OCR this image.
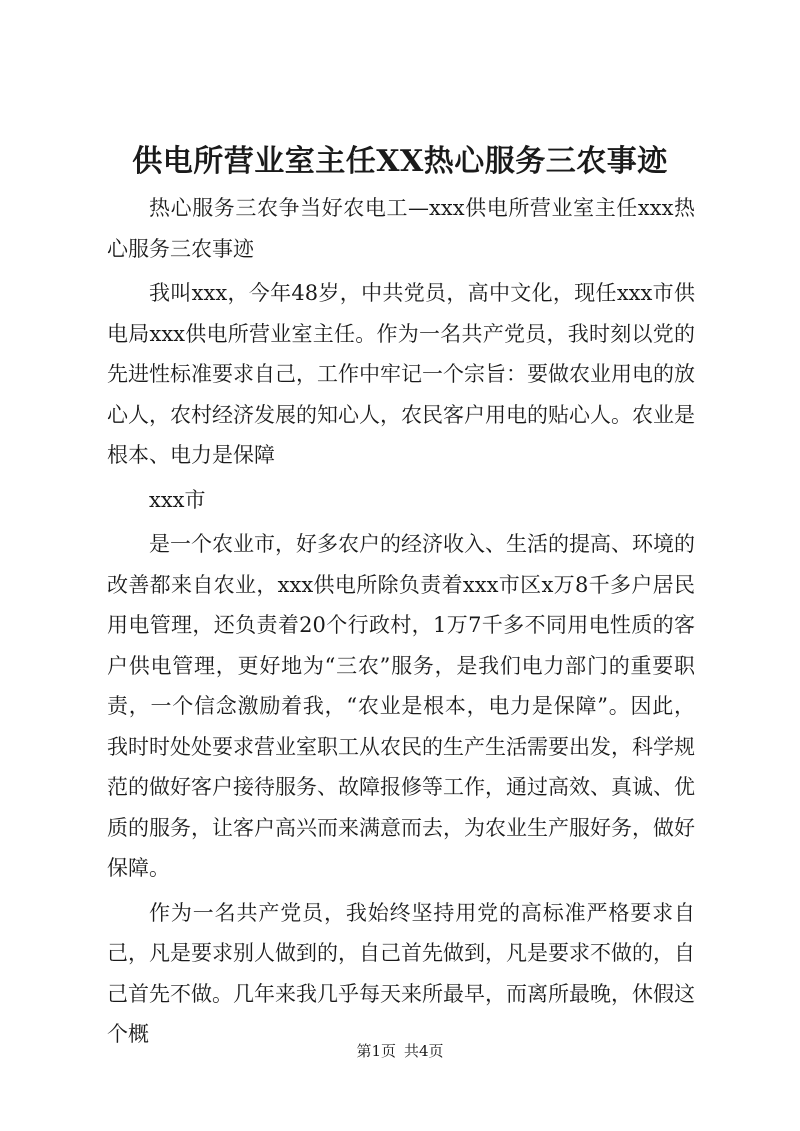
供电所营业室主任XX热心服务三农事迹

热心服务三农争当好农电工—xxx供电所营业室主任xxx热心服务三农事迹

我叫xxx，今年48岁，中共党员，高中文化，现任xxx市供电局xxx供电所营业室主任。作为一名共产党员，我时刻以党的先进性标准要求自己，工作中牢记一个宗旨：要做农业用电的放心人，农村经济发展的知心人，农民客户用电的贴心人。农业是根本、电力是保障

xxx市

是一个农业市，好多农户的经济收入、生活的提高、环境的改善都来自农业，xxx供电所除负责着xxx市区x万8千多户居民用电管理，还负责着20个行政村，1万7千多不同用电性质的客户供电管理，更好地为“三农”服务，是我们电力部门的重要职责，一个信念激励着我，“农业是根本，电力是保障”。因此，我时时处处要求营业室职工从农民的生产生活需要出发，科学规范的做好客户接待服务、故障报修等工作，通过高效、真诚、优质的服务，让客户高兴而来满意而去，为农业生产服好务，做好保障。

作为一名共产党员，我始终坚持用党的高标准严格要求自己，凡是要求别人做到的，自己首先做到，凡是要求不做的，自己首先不做。几年来我几乎每天来所最早，而离所最晚，休假这个概

第1页 共4页
